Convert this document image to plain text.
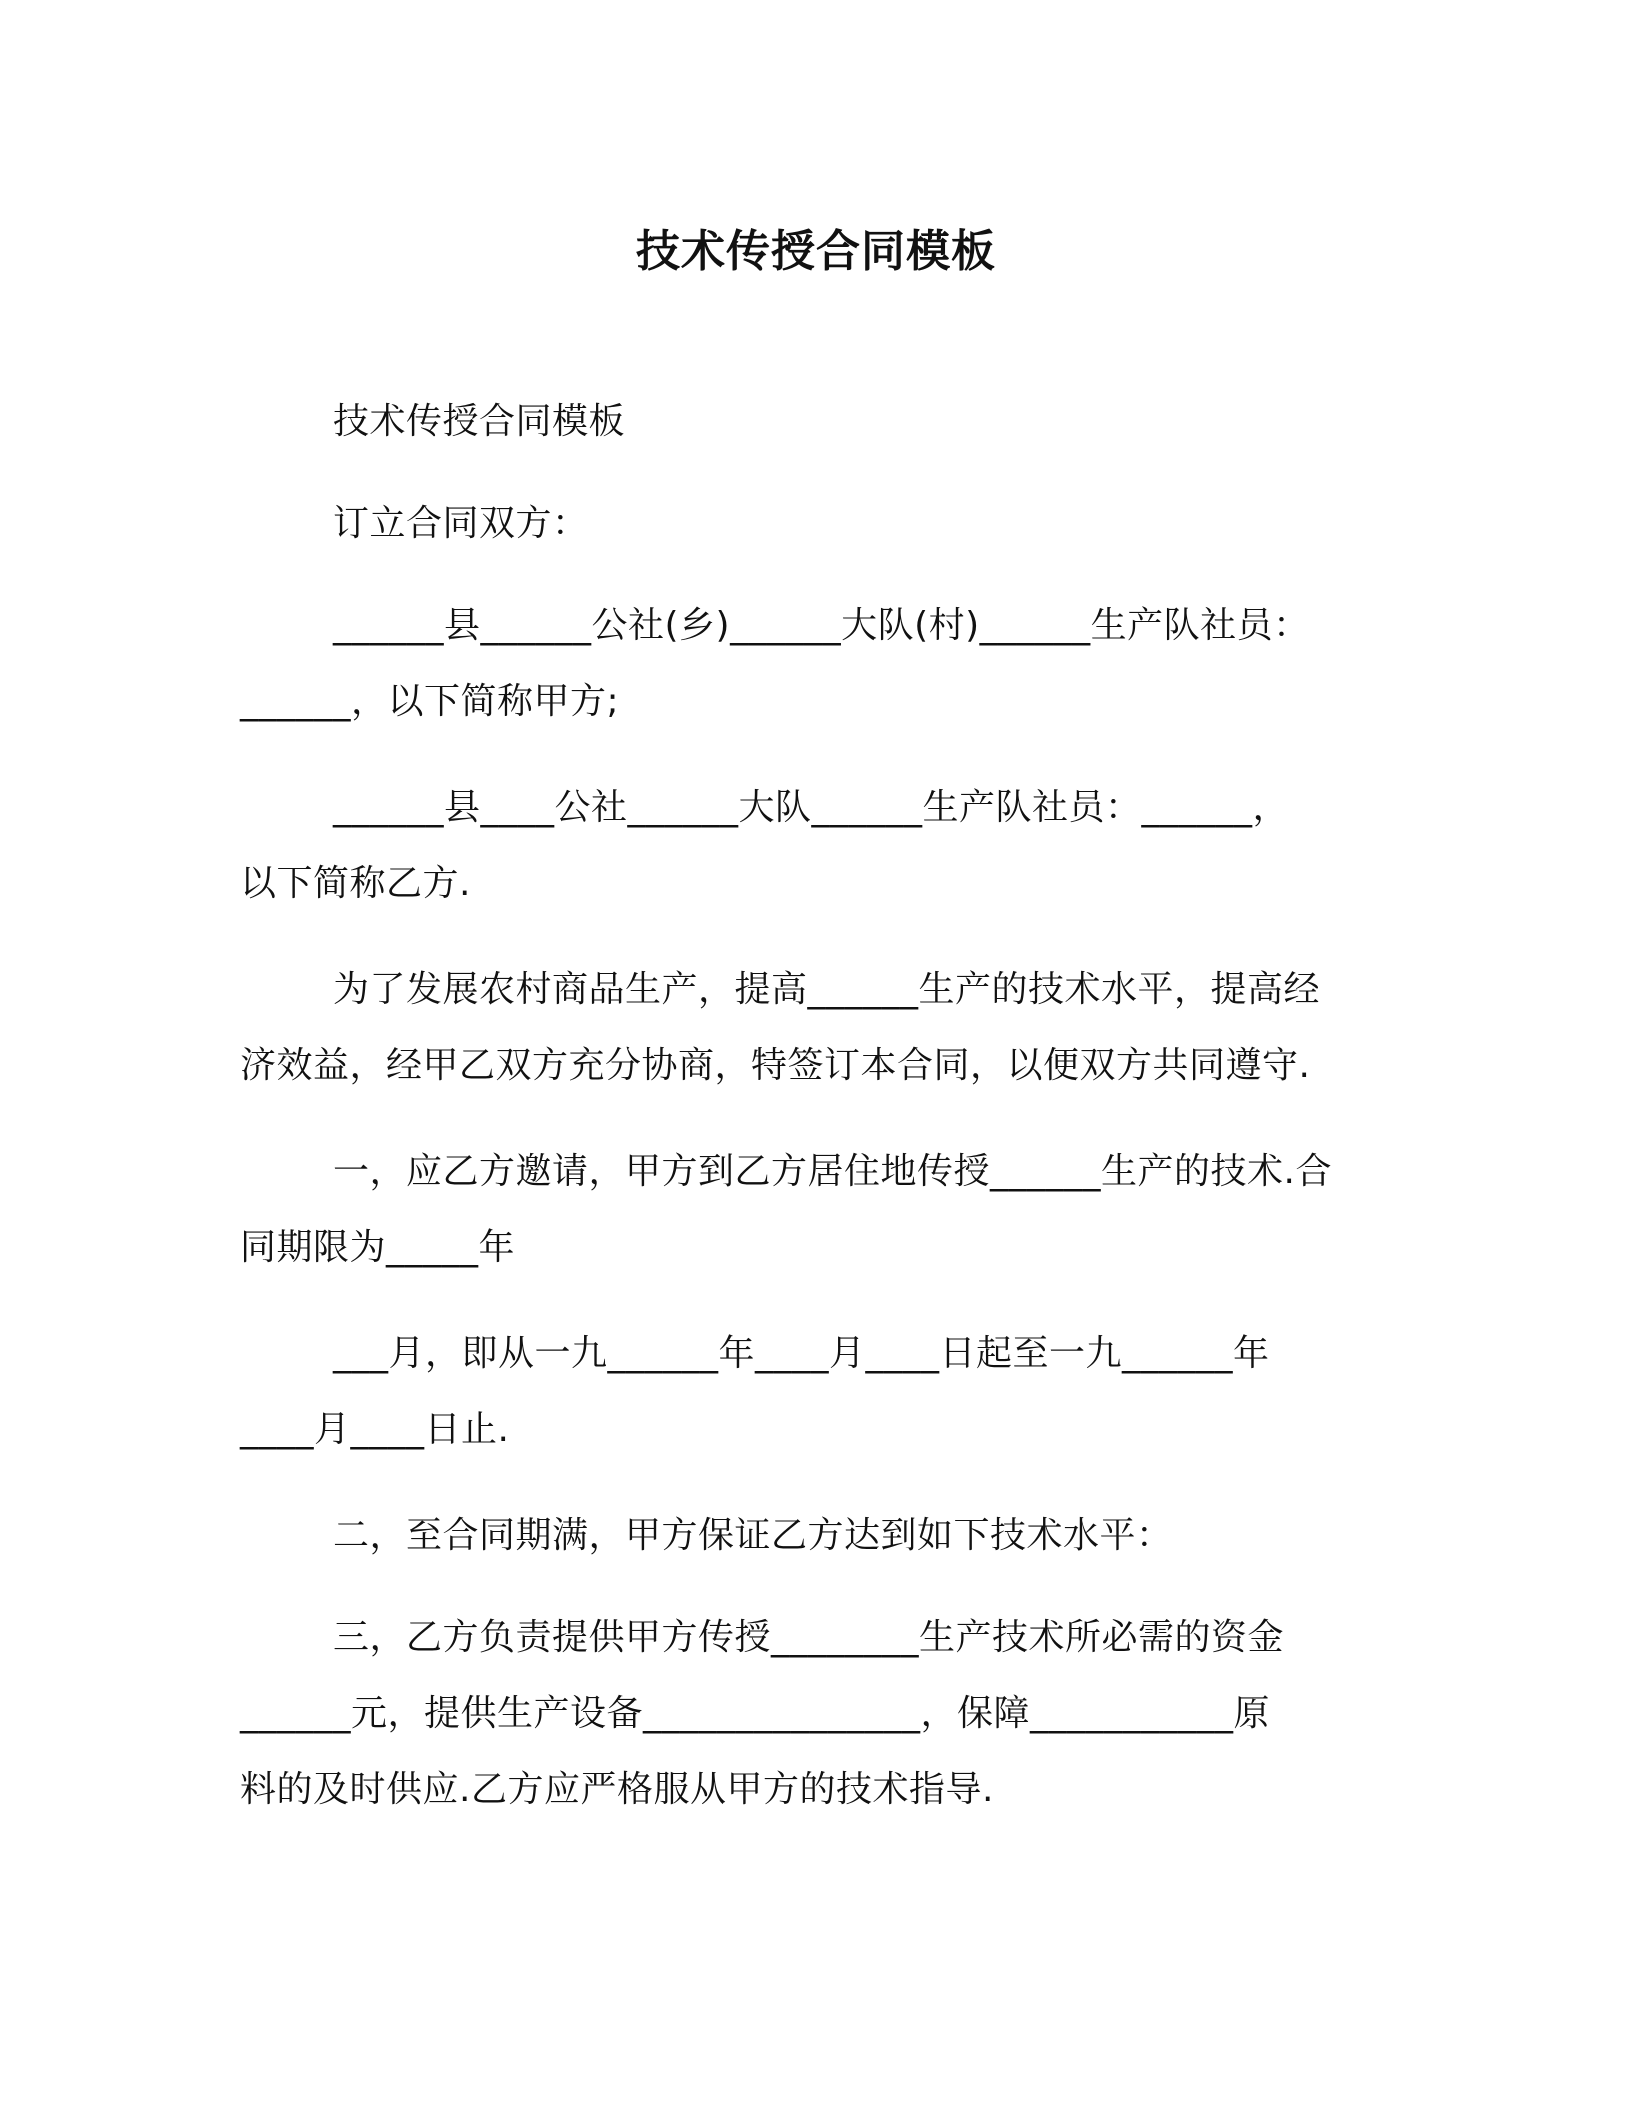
技术传授合同模板
技术传授合同模板
订立合同双方：
______县______公社(乡)______大队(村)______生产队社员：
______，以下简称甲方;
______县____公社______大队______生产队社员：______，
以下简称乙方.
为了发展农村商品生产，提高______生产的技术水平，提高经
济效益，经甲乙双方充分协商，特签订本合同，以便双方共同遵守.
一，应乙方邀请，甲方到乙方居住地传授______生产的技术.合
同期限为_____年
___月，即从一九______年____月____日起至一九______年
____月____日止.
二，至合同期满，甲方保证乙方达到如下技术水平：
三，乙方负责提供甲方传授________生产技术所必需的资金
______元，提供生产设备_______________，保障___________原
料的及时供应.乙方应严格服从甲方的技术指导.
